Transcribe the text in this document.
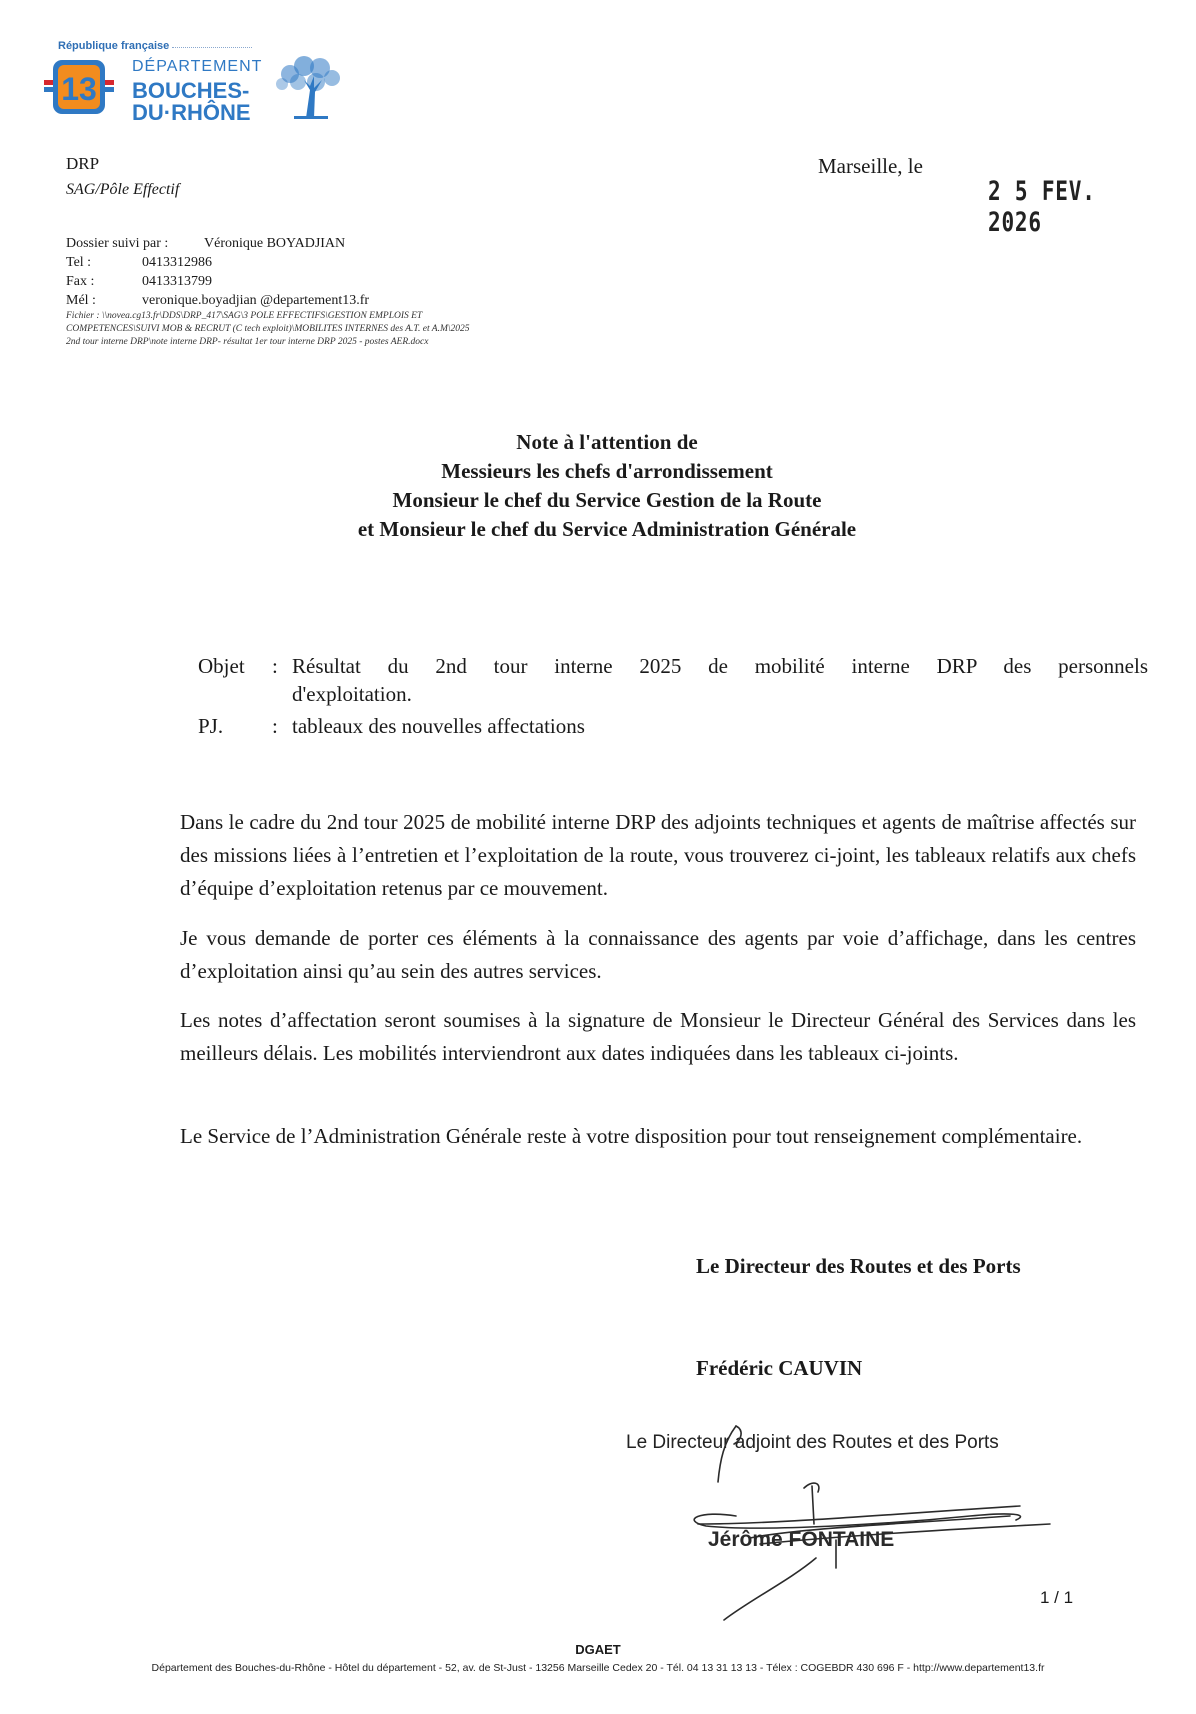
République française
13
DÉPARTEMENT
BOUCHES-
DU·RHÔNE
DRP
SAG/Pôle Effectif
Marseille, le
2 5 FEV. 2026
Dossier suivi par :	Véronique BOYADJIAN
Tel :	0413312986
Fax :	0413313799
Mél :	veronique.boyadjian @departement13.fr
Fichier : \\novea.cg13.fr\DDS\DRP_417\SAG\3 POLE EFFECTIFS\GESTION EMPLOIS ET COMPETENCES\SUIVI MOB & RECRUT (C tech exploit)\MOBILITES INTERNES des A.T. et A.M\2025 2nd tour interne DRP\note interne DRP- résultat 1er tour interne DRP 2025 - postes AER.docx
Note à l'attention de
Messieurs les chefs d'arrondissement
Monsieur le chef du Service Gestion de la Route
et Monsieur le chef du Service Administration Générale
Objet : Résultat du 2nd tour interne 2025 de mobilité interne DRP des personnels
d'exploitation.
PJ. : tableaux des nouvelles affectations
Dans le cadre du 2nd tour 2025 de mobilité interne DRP des adjoints techniques et agents de maîtrise affectés sur des missions liées à l’entretien et l’exploitation de la route, vous trouverez ci-joint, les tableaux relatifs aux chefs d’équipe d’exploitation retenus par ce mouvement.
Je vous demande de porter ces éléments à la connaissance des agents par voie d’affichage, dans les centres d’exploitation ainsi qu’au sein des autres services.
Les notes d’affectation seront soumises à la signature de Monsieur le Directeur Général des Services dans les meilleurs délais. Les mobilités interviendront aux dates indiquées dans les tableaux ci-joints.
Le Service de l’Administration Générale reste à votre disposition pour tout renseignement complémentaire.
Le Directeur des Routes et des Ports
Frédéric CAUVIN
Le Directeur adjoint des Routes et des Ports
Jérôme FONTAINE
1 / 1
DGAET
Département des Bouches-du-Rhône - Hôtel du département - 52, av. de St-Just - 13256 Marseille Cedex 20 - Tél. 04 13 31 13 13 - Télex : COGEBDR 430 696 F - http://www.departement13.fr
